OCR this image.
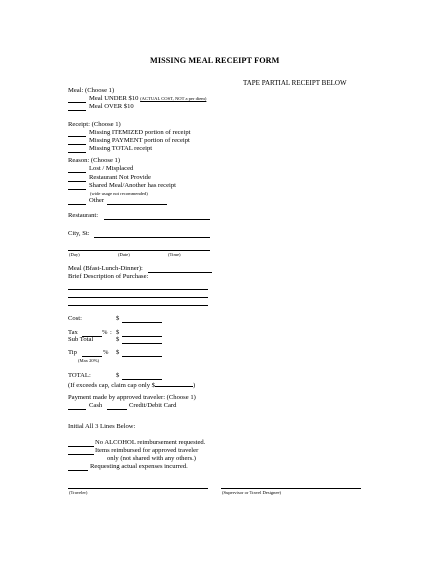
MISSING MEAL RECEIPT FORM
TAPE PARTIAL RECEIPT BELOW
Meal: (Choose 1)
Meal UNDER $10 (ACTUAL COST, NOT a per diem)
Meal OVER $10
Receipt: (Choose 1)
Missing ITEMIZED portion of receipt
Missing PAYMENT portion of receipt
Missing TOTAL receipt
Reason: (Choose 1)
Lost / Misplaced
Restaurant Not Provide
Shared Meal/Another has receipt
(wide usage not recommended)
Other
Restaurant:
City, St:
(Day)	(Date)	(Time)
Meal (Bfast-Lunch-Dinner):
Brief Description of Purchase:
Cost:	$
Tax	% : $
Sub Total	$
Tip	% $
(Max 20%)
TOTAL:	$
(If exceeds cap, claim cap only $	)
Payment made by approved traveler: (Choose 1)
Cash	Credit/Debit Card
Initial All 3 Lines Below:
No ALCOHOL reimbursement requested.
Items reimbursed for approved traveler
only (not shared with any others.)
Requesting actual expenses incurred.
(Traveler)	(Supervisor or Travel Designee)
